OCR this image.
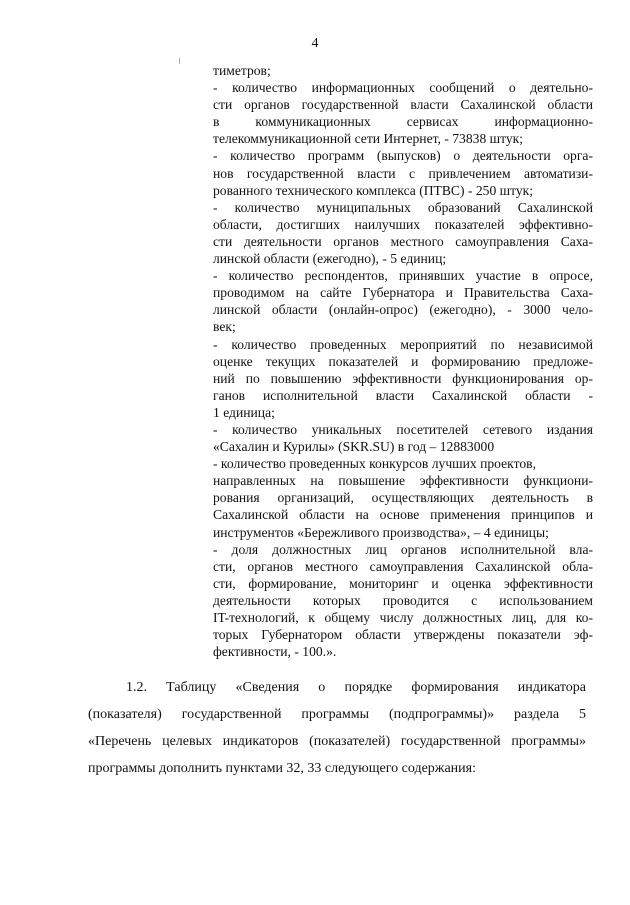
4
тиметров;
- количество информационных сообщений о деятельно-
сти органов государственной власти Сахалинской области
в коммуникационных сервисах информационно-
телекоммуникационной сети Интернет, - 73838 штук;
- количество программ (выпусков) о деятельности орга-
нов государственной власти с привлечением автоматизи-
рованного технического комплекса (ПТВС) - 250 штук;
- количество муниципальных образований Сахалинской
области, достигших наилучших показателей эффективно-
сти деятельности органов местного самоуправления Саха-
линской области (ежегодно), - 5 единиц;
- количество респондентов, принявших участие в опросе,
проводимом на сайте Губернатора и Правительства Саха-
линской области (онлайн-опрос) (ежегодно), - 3000 чело-
век;
- количество проведенных мероприятий по независимой
оценке текущих показателей и формированию предложе-
ний по повышению эффективности функционирования ор-
ганов исполнительной власти Сахалинской области -
1 единица;
- количество уникальных посетителей сетевого издания
«Сахалин и Курилы» (SKR.SU) в год – 12883000
- количество проведенных конкурсов лучших проектов,
направленных на повышение эффективности функциони-
рования организаций, осуществляющих деятельность в
Сахалинской области на основе применения принципов и
инструментов «Бережливого производства», – 4 единицы;
- доля должностных лиц органов исполнительной вла-
сти, органов местного самоуправления Сахалинской обла-
сти, формирование, мониторинг и оценка эффективности
деятельности которых проводится с использованием
IT-технологий, к общему числу должностных лиц, для ко-
торых Губернатором области утверждены показатели эф-
фективности, - 100.».
1.2. Таблицу «Сведения о порядке формирования индикатора
(показателя) государственной программы (подпрограммы)» раздела 5
«Перечень целевых индикаторов (показателей) государственной программы»
программы дополнить пунктами 32, 33 следующего содержания:
